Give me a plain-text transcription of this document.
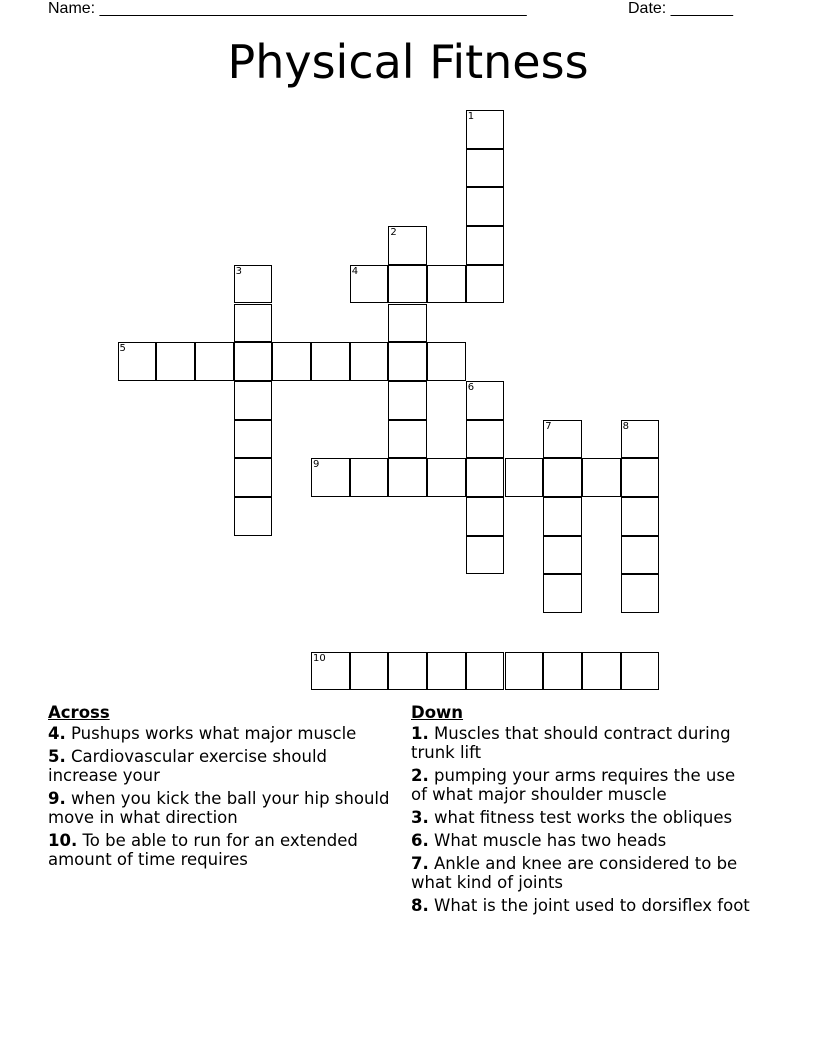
Name: ________________________________________________	Date: _______
Physical Fitness
1
2
3	4
5
6
7	8
9
10
Across
4. Pushups works what major muscle
5. Cardiovascular exercise should increase your
9. when you kick the ball your hip should move in what direction
10. To be able to run for an extended amount of time requires
Down
1. Muscles that should contract during trunk lift
2. pumping your arms requires the use of what major shoulder muscle
3. what fitness test works the obliques
6. What muscle has two heads
7. Ankle and knee are considered to be what kind of joints
8. What is the joint used to dorsiflex foot
